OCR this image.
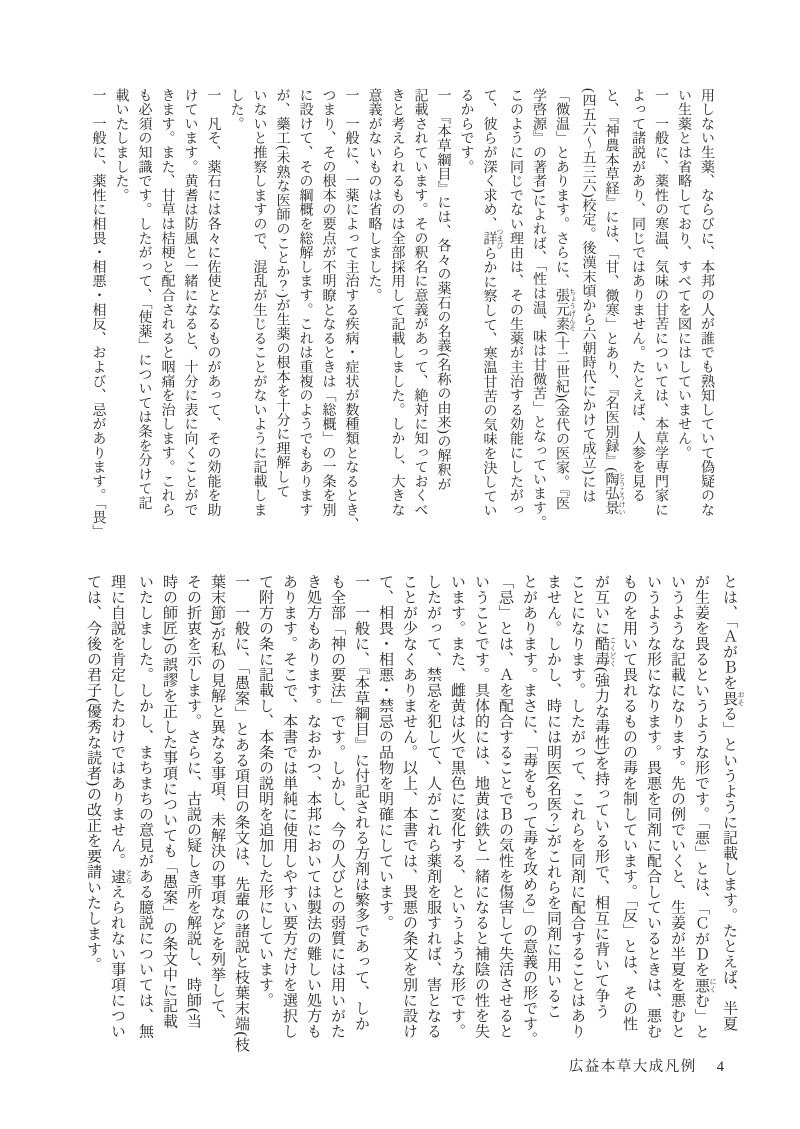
用しない生薬、ならびに、本邦の人が誰でも熟知していて偽疑のな

い生薬とは省略しており、すべてを図にはしていません。

一　一般に、薬性の寒温、気味の甘苦については、本草学専門家に

よって諸説があり、同じではありません。たとえば、人参を見る

と、『神農本草経』には、「甘、微寒」とあり、『名医別録』(陶弘景 とうこうけい

(四五六〜五三六)校定。後漢末頃から六朝時代にかけて成立)には

「微温」とあります。さらに、張元素 ちょうげんそ(十二世紀)(金代の医家。『医

学啓源』の著者)によれば、「性は温、味は甘微苦」となっています。

このように同じでない理由は、その生薬が主治する効能にしたがっ

て、彼らが深く求め、詳 つまびらかに察して、寒温甘苦の気味を決してい

るからです。

一　『本草綱目』には、各々の薬石の名義(名称の由来)の解釈が

記載されています。その釈名に意義があって、絶対に知っておくべ

きと考えられるものは全部採用して記載しました。しかし、大きな

意義がないものは省略しました。

一　一般に、一薬によって主治する疾病・症状が数種類となるとき、

つまり、その根本の要点が不明瞭となるときは「総概」の一条を別

に設けて、その綱概を総解します。これは重複のようでもあります

が、藥工(未熟な医師のことか？)が生薬の根本を十分に理解して

いないと推察しますので、混乱が生じることがないように記載しま

した。

一　凡そ、薬石には各々に佐使となるものがあって、その効能を助

けています。黄耆は防風と一緒になると、十分に表に向くことがで

きます。また、甘草は桔梗と配合されると咽痛を治します。これら

も必須の知識です。したがって、「使薬」については条を分けて記

載いたしました。

一　一般に、薬性に相畏・相悪・相反、および、忌があります。「畏」

とは、「ＡがＢを畏 おそる」というように記載します。たとえば、半夏

が生姜を畏るというような形です。「悪」とは、「ＣがＤを悪 にくむ」と

いうような記載になります。先の例でいくと、生姜が半夏を悪むと

いうような形になります。畏悪を同剤に配合しているときは、悪む

ものを用いて畏れるものの毒を制しています。「反」とは、その性

が互いに酷毒 こくどく(強力な毒性)を持っている形で、相互に背いて争う

ことになります。したがって、これらを同剤に配合することはあり

ません。しかし、時には明医(名医？)がこれらを同剤に用いるこ

とがあります。まさに、「毒をもって毒を攻める」の意義の形です。

「忌」とは、Ａを配合することでＢの気性を傷害して失活させると

いうことです。具体的には、地黄は鉄と一緒になると補陰の性を失

います。また、雌黄は火で黒色に変化する、というような形です。

したがって、禁忌を犯して、人がこれら薬剤を服すれば、害となる

ことが少なくありません。以上、本書では、畏悪の条文を別に設け

て、相畏・相悪・禁忌の品物を明確にしています。

一　一般に、『本草綱目』に付記される方剤は繁多であって、しか

も全部「神の要法」です。しかし、今の人びとの弱質には用いがた

き処方もあります。なおかつ、本邦においては製法の難しい処方も

あります。そこで、本書では単純に使用しやすい要方だけを選択し

て附方の条に記載し、本条の説明を追加した形にしています。

一　一般に、「愚案」とある項目の条文は、先輩の諸説と枝葉末端(枝

葉末節)が私の見解と異なる事項、未解決の事項などを列挙して、

その折衷を示します。さらに、古説の疑しき所を解説し、時師(当

時の師匠)の誤謬を正した事項についても「愚案」の条文中に記載

いたしました。しかし、まちまちの意見がある臆説については、無

理に自説を肯定したわけではありません。逮 とらえられない事項につい

ては、今後の君子(優秀な読者)の改正を要請いたします。

広益本草大成凡例 4
